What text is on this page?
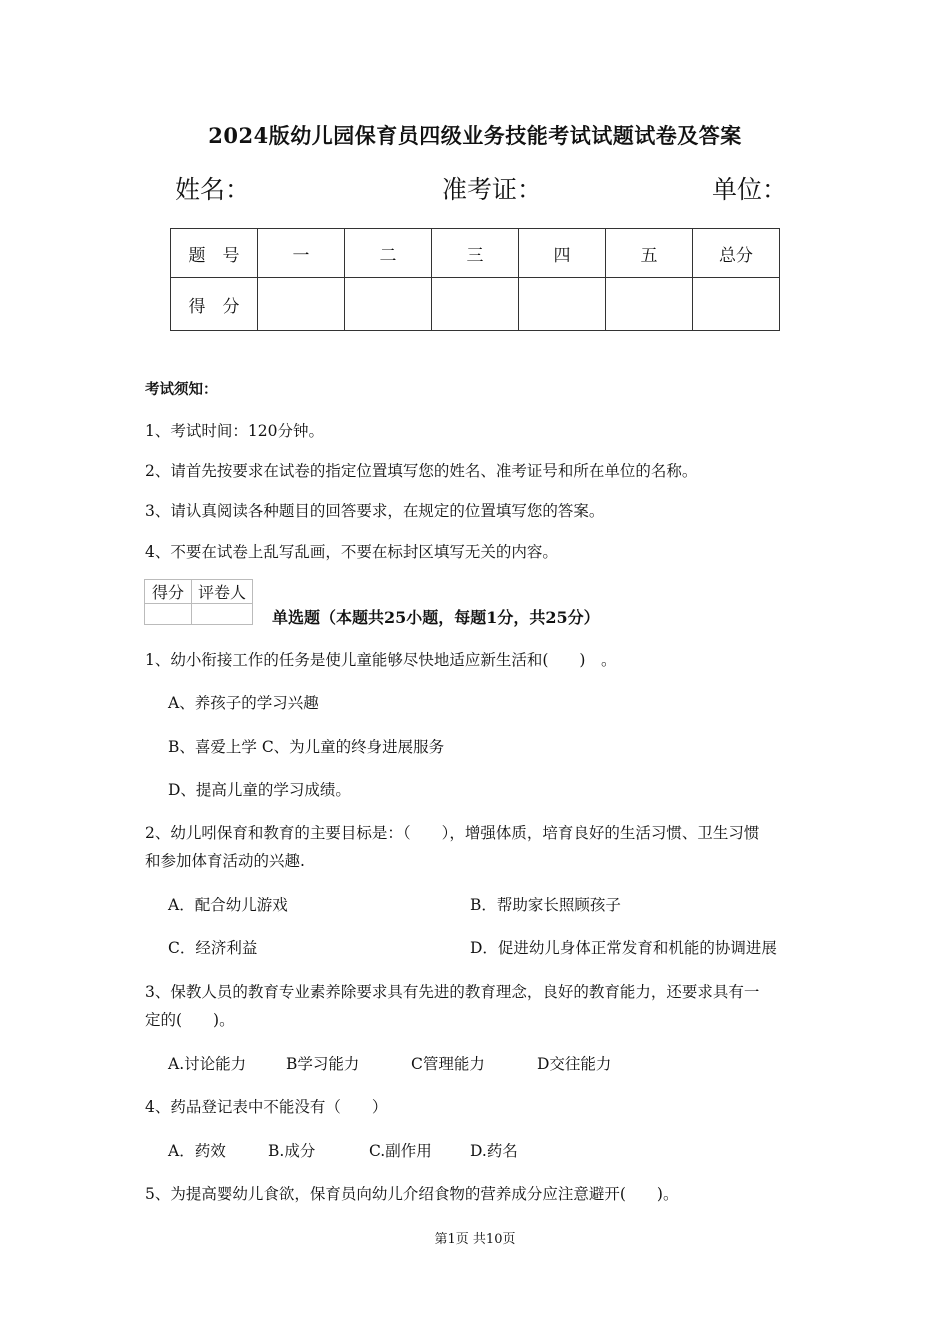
2024版幼儿园保育员四级业务技能考试试题试卷及答案
姓名：	准考证：	单位：
题　号	一	二	三	四	五	总分
得　分						
考试须知：
1、考试时间：120分钟。
2、请首先按要求在试卷的指定位置填写您的姓名、准考证号和所在单位的名称。
3、请认真阅读各种题目的回答要求，在规定的位置填写您的答案。
4、不要在试卷上乱写乱画，不要在标封区填写无关的内容。
得分	评卷人

单选题（本题共25小题，每题1分，共25分）
1、幼小衔接工作的任务是使儿童能够尽快地适应新生活和(　　)　。
A、养孩子的学习兴趣
B、喜爱上学 C、为儿童的终身进展服务
D、提高儿童的学习成绩。
2、幼儿吲保育和教育的主要目标是：（　　），增强体质，培育良好的生活习惯、卫生习惯
和参加体育活动的兴趣.
A．配合幼儿游戏	B．帮助家长照顾孩子
C．经济利益	D．促进幼儿身体正常发育和机能的协调进展
3、保教人员的教育专业素养除要求具有先进的教育理念，良好的教育能力，还要求具有一
定的(　　)。
A.讨论能力	B学习能力	C管理能力	D交往能力
4、药品登记表中不能没有（　　）
A．药效	B.成分	C.副作用 D.药名
5、为提高婴幼儿食欲，保育员向幼儿介绍食物的营养成分应注意避开(　　)。
第1页 共10页
